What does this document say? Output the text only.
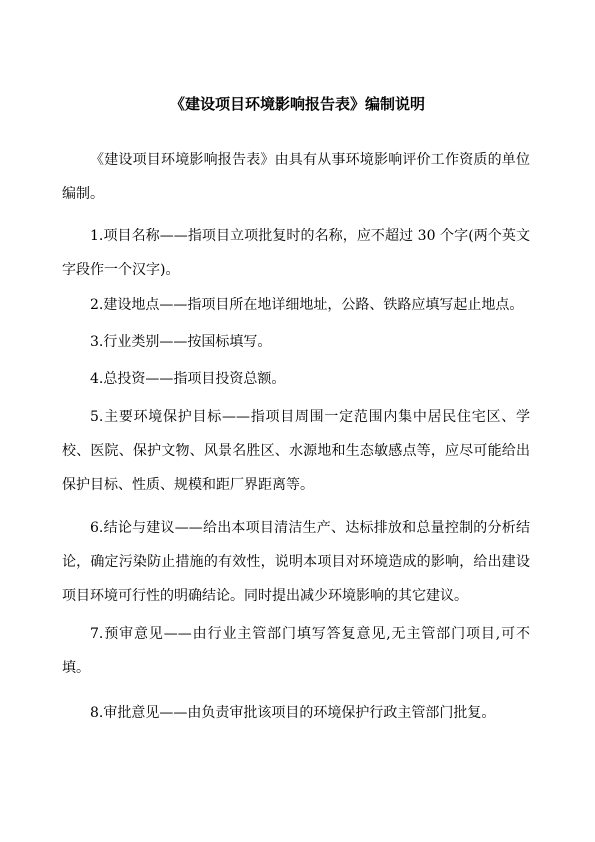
《建设项目环境影响报告表》编制说明

《建设项目环境影响报告表》由具有从事环境影响评价工作资质的单位编制。

1.项目名称——指项目立项批复时的名称，应不超过 30 个字(两个英文字段作一个汉字)。

2.建设地点——指项目所在地详细地址，公路、铁路应填写起止地点。

3.行业类别——按国标填写。

4.总投资——指项目投资总额。

5.主要环境保护目标——指项目周围一定范围内集中居民住宅区、学校、医院、保护文物、风景名胜区、水源地和生态敏感点等，应尽可能给出保护目标、性质、规模和距厂界距离等。

6.结论与建议——给出本项目清洁生产、达标排放和总量控制的分析结论，确定污染防止措施的有效性，说明本项目对环境造成的影响，给出建设项目环境可行性的明确结论。同时提出减少环境影响的其它建议。

7.预审意见——由行业主管部门填写答复意见,无主管部门项目,可不填。

8.审批意见——由负责审批该项目的环境保护行政主管部门批复。
